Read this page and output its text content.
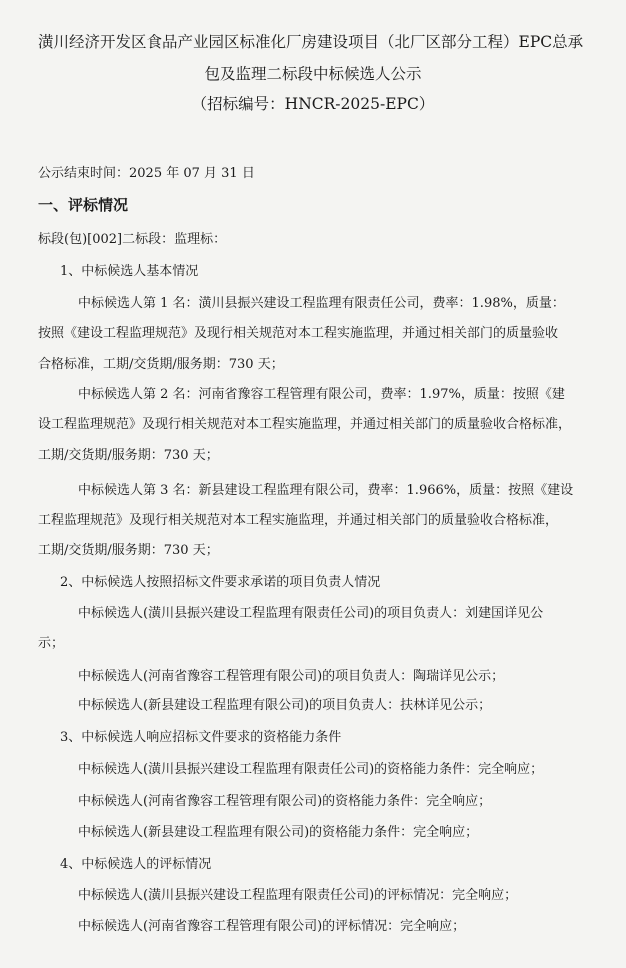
潢川经济开发区食品产业园区标准化厂房建设项目（北厂区部分工程）EPC总承
包及监理二标段中标候选人公示
（招标编号：HNCR-2025-EPC）
公示结束时间：2025 年 07 月 31 日
一、评标情况
标段(包)[002]二标段：监理标：
1、中标候选人基本情况
中标候选人第 1 名：潢川县振兴建设工程监理有限责任公司，费率：1.98%，质量：
按照《建设工程监理规范》及现行相关规范对本工程实施监理，并通过相关部门的质量验收
合格标准，工期/交货期/服务期：730 天；
中标候选人第 2 名：河南省豫容工程管理有限公司，费率：1.97%，质量：按照《建
设工程监理规范》及现行相关规范对本工程实施监理，并通过相关部门的质量验收合格标准，
工期/交货期/服务期：730 天；
中标候选人第 3 名：新县建设工程监理有限公司，费率：1.966%，质量：按照《建设
工程监理规范》及现行相关规范对本工程实施监理，并通过相关部门的质量验收合格标准，
工期/交货期/服务期：730 天；
2、中标候选人按照招标文件要求承诺的项目负责人情况
中标候选人(潢川县振兴建设工程监理有限责任公司)的项目负责人：刘建国详见公
示；
中标候选人(河南省豫容工程管理有限公司)的项目负责人：陶瑞详见公示；
中标候选人(新县建设工程监理有限公司)的项目负责人：扶林详见公示；
3、中标候选人响应招标文件要求的资格能力条件
中标候选人(潢川县振兴建设工程监理有限责任公司)的资格能力条件：完全响应；
中标候选人(河南省豫容工程管理有限公司)的资格能力条件：完全响应；
中标候选人(新县建设工程监理有限公司)的资格能力条件：完全响应；
4、中标候选人的评标情况
中标候选人(潢川县振兴建设工程监理有限责任公司)的评标情况：完全响应；
中标候选人(河南省豫容工程管理有限公司)的评标情况：完全响应；
